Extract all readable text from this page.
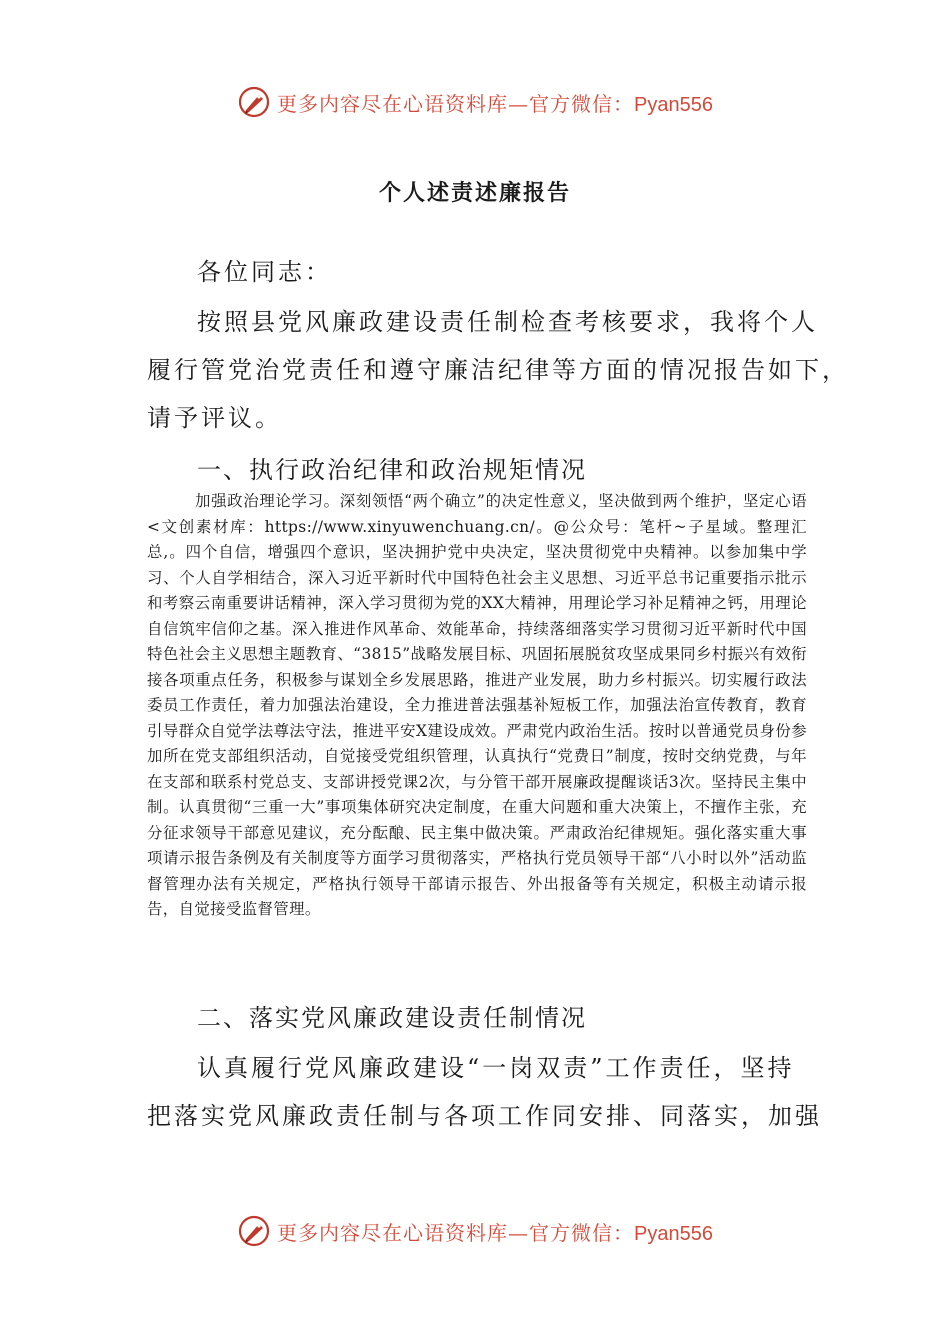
更多内容尽在心语资料库—官方微信：Pyan556
个人述责述廉报告
各位同志：
按照县党风廉政建设责任制检查考核要求，我将个人
履行管党治党责任和遵守廉洁纪律等方面的情况报告如下，
请予评议。
一、执行政治纪律和政治规矩情况
加强政治理论学习。深刻领悟“两个确立”的决定性意义，坚决做到两个维护，坚定心语<文创素材库：https://www.xinyuwenchuang.cn/。@公众号：笔杆~子星域。整理汇总,。四个自信，增强四个意识，坚决拥护党中央决定，坚决贯彻党中央精神。以参加集中学习、个人自学相结合，深入习近平新时代中国特色社会主义思想、习近平总书记重要指示批示和考察云南重要讲话精神，深入学习贯彻为党的XX大精神，用理论学习补足精神之钙，用理论自信筑牢信仰之基。深入推进作风革命、效能革命，持续落细落实学习贯彻习近平新时代中国特色社会主义思想主题教育、“3815”战略发展目标、巩固拓展脱贫攻坚成果同乡村振兴有效衔接各项重点任务，积极参与谋划全乡发展思路，推进产业发展，助力乡村振兴。切实履行政法委员工作责任，着力加强法治建设，全力推进普法强基补短板工作，加强法治宣传教育，教育引导群众自觉学法尊法守法，推进平安X建设成效。严肃党内政治生活。按时以普通党员身份参加所在党支部组织活动，自觉接受党组织管理，认真执行“党费日”制度，按时交纳党费，与年在支部和联系村党总支、支部讲授党课2次，与分管干部开展廉政提醒谈话3次。坚持民主集中制。认真贯彻“三重一大”事项集体研究决定制度，在重大问题和重大决策上，不擅作主张，充分征求领导干部意见建议，充分酝酿、民主集中做决策。严肃政治纪律规矩。强化落实重大事项请示报告条例及有关制度等方面学习贯彻落实，严格执行党员领导干部“八小时以外”活动监督管理办法有关规定，严格执行领导干部请示报告、外出报备等有关规定，积极主动请示报告，自觉接受监督管理。
二、落实党风廉政建设责任制情况
认真履行党风廉政建设“一岗双责”工作责任，坚持
把落实党风廉政责任制与各项工作同安排、同落实，加强
更多内容尽在心语资料库—官方微信：Pyan556
